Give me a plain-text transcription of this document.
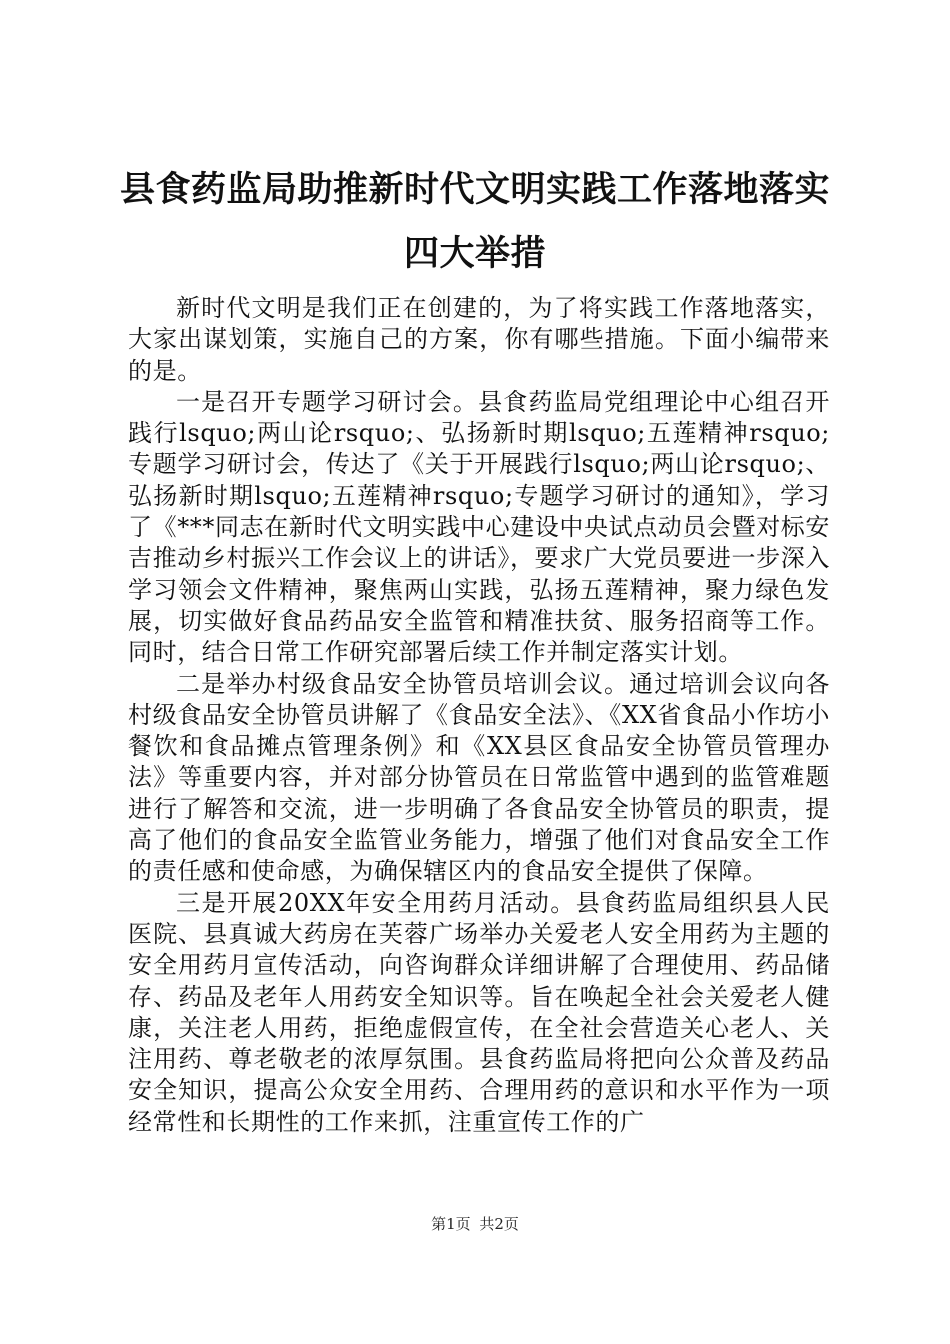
县食药监局助推新时代文明实践工作落地落实
四大举措

新时代文明是我们正在创建的，为了将实践工作落地落实，大家出谋划策，实施自己的方案，你有哪些措施。下面小编带来的是。

一是召开专题学习研讨会。县食药监局党组理论中心组召开践行lsquo;两山论rsquo;、弘扬新时期lsquo;五莲精神rsquo;专题学习研讨会，传达了《关于开展践行lsquo;两山论rsquo;、弘扬新时期lsquo;五莲精神rsquo;专题学习研讨的通知》，学习了《***同志在新时代文明实践中心建设中央试点动员会暨对标安吉推动乡村振兴工作会议上的讲话》，要求广大党员要进一步深入学习领会文件精神，聚焦两山实践，弘扬五莲精神，聚力绿色发展，切实做好食品药品安全监管和精准扶贫、服务招商等工作。同时，结合日常工作研究部署后续工作并制定落实计划。

二是举办村级食品安全协管员培训会议。通过培训会议向各村级食品安全协管员讲解了《食品安全法》、《XX省食品小作坊小餐饮和食品摊点管理条例》和《XX县区食品安全协管员管理办法》等重要内容，并对部分协管员在日常监管中遇到的监管难题进行了解答和交流，进一步明确了各食品安全协管员的职责，提高了他们的食品安全监管业务能力，增强了他们对食品安全工作的责任感和使命感，为确保辖区内的食品安全提供了保障。

三是开展20XX年安全用药月活动。县食药监局组织县人民医院、县真诚大药房在芙蓉广场举办关爱老人安全用药为主题的安全用药月宣传活动，向咨询群众详细讲解了合理使用、药品储存、药品及老年人用药安全知识等。旨在唤起全社会关爱老人健康，关注老人用药，拒绝虚假宣传，在全社会营造关心老人、关注用药、尊老敬老的浓厚氛围。县食药监局将把向公众普及药品安全知识，提高公众安全用药、合理用药的意识和水平作为一项经常性和长期性的工作来抓，注重宣传工作的广

第1页 共2页
